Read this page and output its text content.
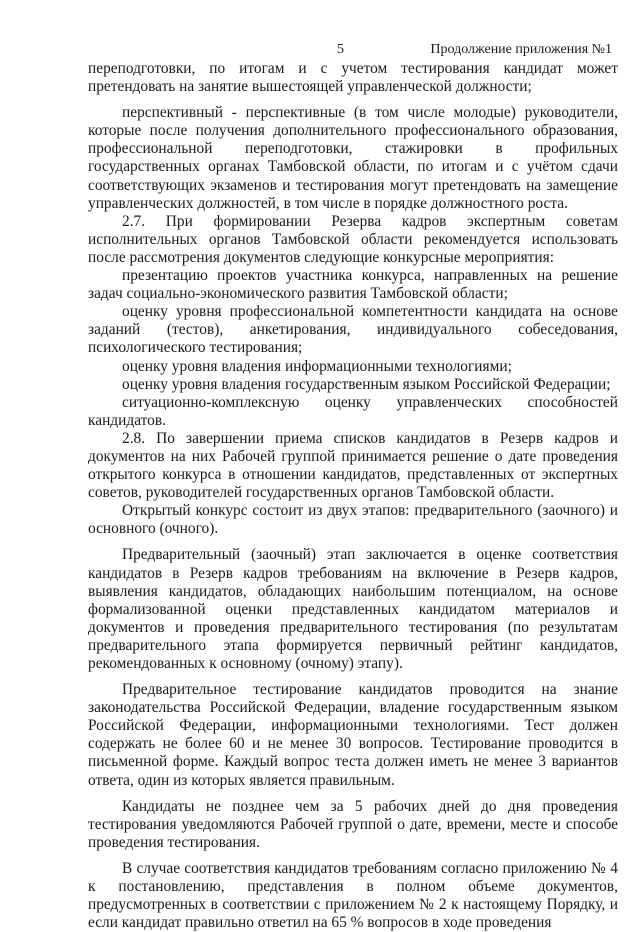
5	Продолжение приложения №1

переподготовки, по итогам и с учетом тестирования кандидат может претендовать на занятие вышестоящей управленческой должности;

перспективный - перспективные (в том числе молодые) руководители, которые после получения дополнительного профессионального образования, профессиональной переподготовки, стажировки в профильных государственных органах Тамбовской области, по итогам и с учётом сдачи соответствующих экзаменов и тестирования могут претендовать на замещение управленческих должностей, в том числе в порядке должностного роста.

2.7. При формировании Резерва кадров экспертным советам исполнительных органов Тамбовской области рекомендуется использовать после рассмотрения документов следующие конкурсные мероприятия:

презентацию проектов участника конкурса, направленных на решение задач социально-экономического развития Тамбовской области;

оценку уровня профессиональной компетентности кандидата на основе заданий (тестов), анкетирования, индивидуального собеседования, психологического тестирования;

оценку уровня владения информационными технологиями;

оценку уровня владения государственным языком Российской Федерации;

ситуационно-комплексную оценку управленческих способностей кандидатов.

2.8. По завершении приема списков кандидатов в Резерв кадров и документов на них Рабочей группой принимается решение о дате проведения открытого конкурса в отношении кандидатов, представленных от экспертных советов, руководителей государственных органов Тамбовской области.

Открытый конкурс состоит из двух этапов: предварительного (заочного) и основного (очного).

Предварительный (заочный) этап заключается в оценке соответствия кандидатов в Резерв кадров требованиям на включение в Резерв кадров, выявления кандидатов, обладающих наибольшим потенциалом, на основе формализованной оценки представленных кандидатом материалов и документов и проведения предварительного тестирования (по результатам предварительного этапа формируется первичный рейтинг кандидатов, рекомендованных к основному (очному) этапу).

Предварительное тестирование кандидатов проводится на знание законодательства Российской Федерации, владение государственным языком Российской Федерации, информационными технологиями. Тест должен содержать не более 60 и не менее 30 вопросов. Тестирование проводится в письменной форме. Каждый вопрос теста должен иметь не менее 3 вариантов ответа, один из которых является правильным.

Кандидаты не позднее чем за 5 рабочих дней до дня проведения тестирования уведомляются Рабочей группой о дате, времени, месте и способе проведения тестирования.

В случае соответствия кандидатов требованиям согласно приложению № 4 к постановлению, представления в полном объеме документов, предусмотренных в соответствии с приложением № 2 к настоящему Порядку, и если кандидат правильно ответил на 65 % вопросов в ходе проведения
